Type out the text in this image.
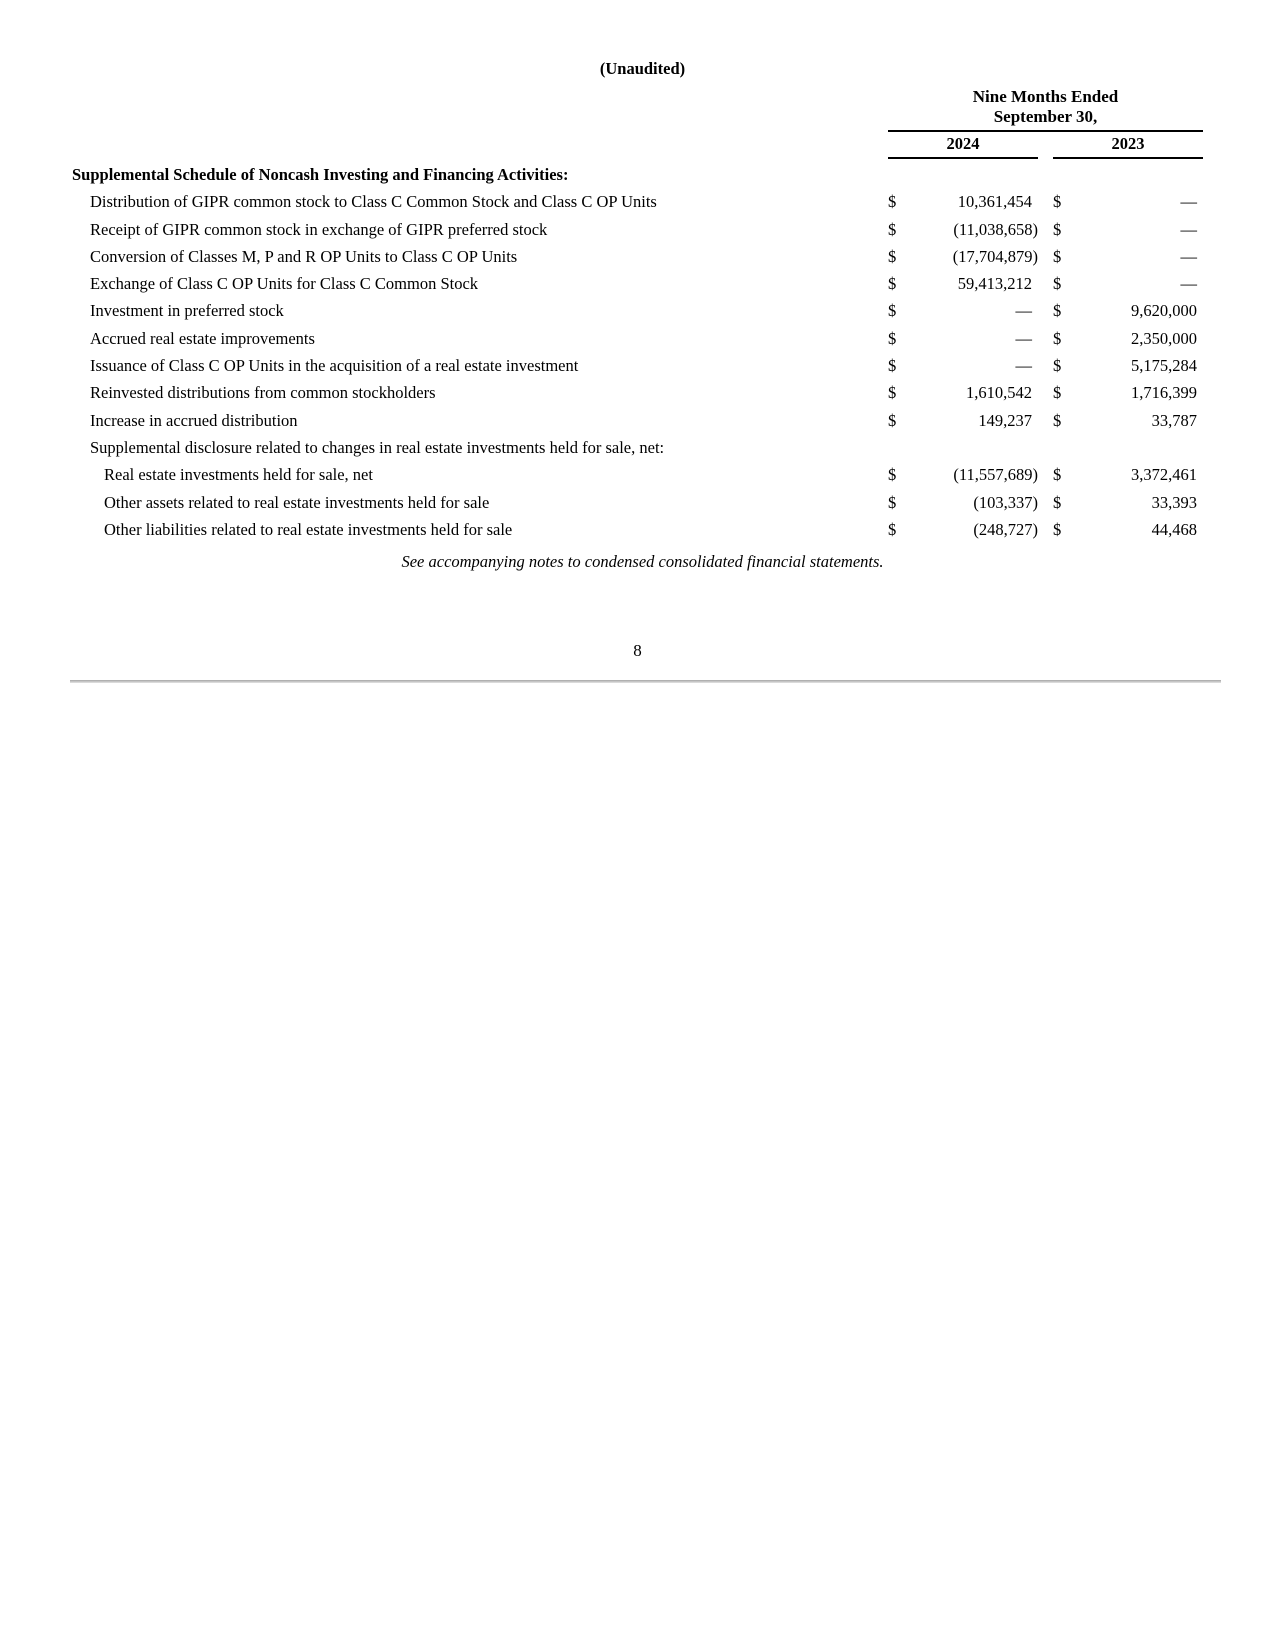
(Unaudited)
Nine Months Ended
September 30,
2024	2023
Supplemental Schedule of Noncash Investing and Financing Activities:
Distribution of GIPR common stock to Class C Common Stock and Class C OP Units	$	10,361,454	$	—
Receipt of GIPR common stock in exchange of GIPR preferred stock	$	(11,038,658) $	—
Conversion of Classes M, P and R OP Units to Class C OP Units	$	(17,704,879) $	—
Exchange of Class C OP Units for Class C Common Stock	$	59,413,212	$	—
Investment in preferred stock	$	—	$	9,620,000
Accrued real estate improvements	$	—	$	2,350,000
Issuance of Class C OP Units in the acquisition of a real estate investment	$	—	$	5,175,284
Reinvested distributions from common stockholders	$	1,610,542	$	1,716,399
Increase in accrued distribution	$	149,237	$	33,787
Supplemental disclosure related to changes in real estate investments held for sale, net:
Real estate investments held for sale, net	$	(11,557,689) $	3,372,461
Other assets related to real estate investments held for sale	$	(103,337) $	33,393
Other liabilities related to real estate investments held for sale	$	(248,727) $	44,468
See accompanying notes to condensed consolidated financial statements.
8
